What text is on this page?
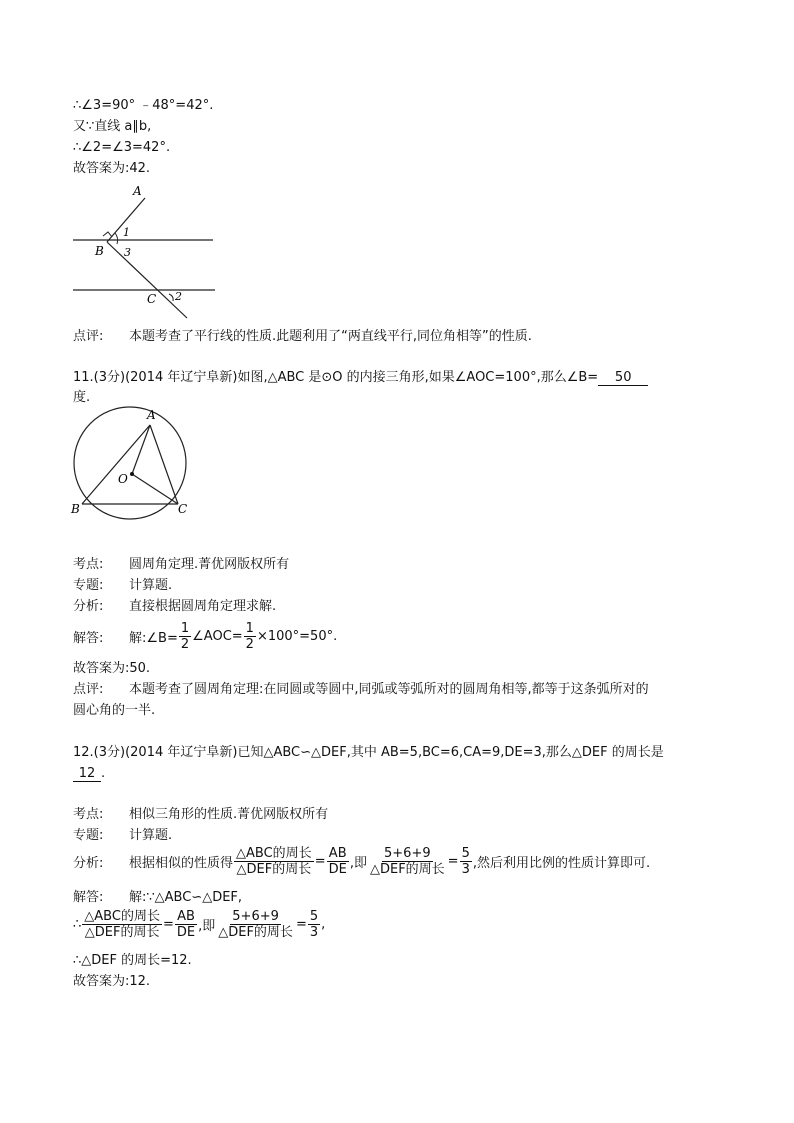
∴∠3=90° ﹣48°=42°.
又∵直线 a∥b,
∴∠2=∠3=42°.
故答案为:42.
A
B
C
1
3
2
点评: 本题考查了平行线的性质.此题利用了“两直线平行,同位角相等”的性质.
11.(3分)(2014 年辽宁阜新)如图,△ABC 是⊙O 的内接三角形,如果∠AOC=100°,那么∠B= 50
度.
A
O
B	C
考点: 圆周角定理.菁优网版权所有
专题: 计算题.
分析: 直接根据圆周角定理求解.
解答:	解:∠B= $\frac{1}{2}$ ∠AOC= $\frac{1}{2} \times 100^\circ=50^\circ$.
故答案为:50.
点评: 本题考查了圆周角定理:在同圆或等圆中,同弧或等弧所对的圆周角相等,都等于这条弧所对的
圆心角的一半.
12.(3分)(2014 年辽宁阜新)已知△ABC∽△DEF,其中 AB=5,BC=6,CA=9,DE=3,那么△DEF 的周长是
12 .
考点: 相似三角形的性质.菁优网版权所有
专题: 计算题.
分析:	根据相似的性质得 $\frac{\text{△ABC的周长}}{\text{△DEF的周长}} = \frac{AB}{DE}$ ,即 $\frac{5+6+9}{\text{△DEF的周长}} = \frac{5}{3}$ ,然后利用比例的性质计算即可.
解答: 解:∵△ABC∽△DEF,
∴ $\frac{\text{△ABC的周长}}{\text{△DEF的周长}} = \frac{AB}{DE}$ ,即 $\frac{5+6+9}{\text{△DEF的周长}} = \frac{5}{3}$ ,
∴△DEF 的周长=12.
故答案为:12.
